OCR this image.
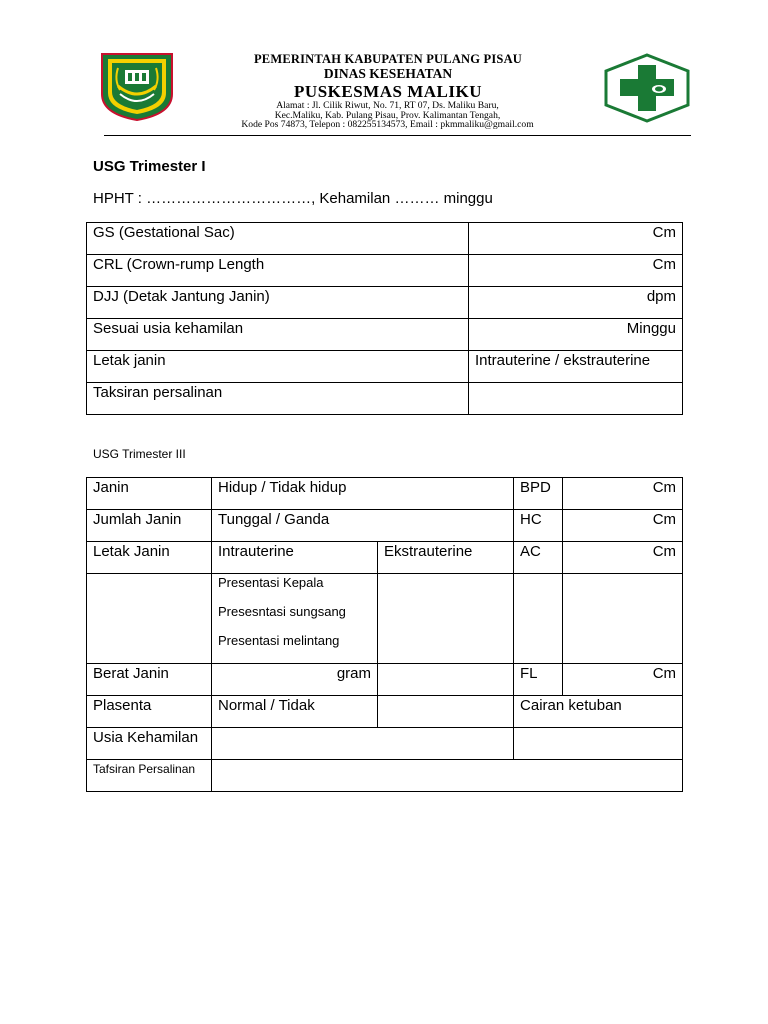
PEMERINTAH KABUPATEN PULANG PISAU
DINAS KESEHATAN
PUSKESMAS MALIKU
Alamat : Jl. Cilik Riwut, No. 71, RT 07, Ds. Maliku Baru,
Kec.Maliku, Kab. Pulang Pisau, Prov. Kalimantan Tengah,
Kode Pos 74873, Telepon : 082255134573, Email : pkmmaliku@gmail.com
USG Trimester I
HPHT : ……………………………, Kehamilan ……… minggu
GS (Gestational Sac)	Cm
CRL (Crown-rump Length	Cm
DJJ (Detak Jantung Janin)	dpm
Sesuai usia kehamilan	Minggu
Letak janin	Intrauterine / ekstrauterine
Taksiran persalinan	
USG Trimester III
Janin	Hidup / Tidak hidup		BPD	Cm
Jumlah Janin	Tunggal / Ganda		HC	Cm
Letak Janin	Intrauterine	Ekstrauterine	AC	Cm

	Presentasi Kepala
Presesntasi sungsang
Presentasi melintang			

Berat Janin	gram		FL	Cm
Plasenta	Normal / Tidak		Cairan ketuban	
Usia Kehamilan				
Tafsiran Persalinan				
